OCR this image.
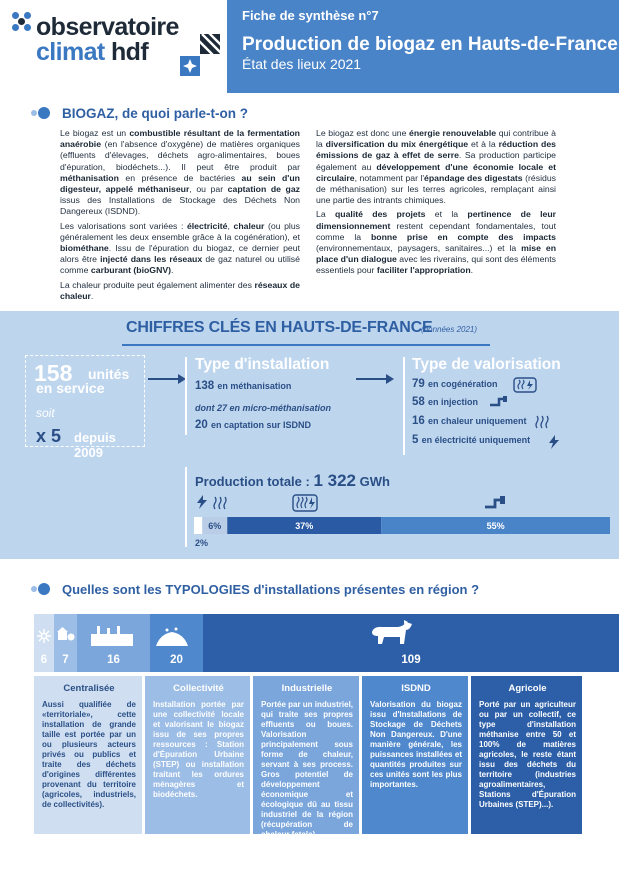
observatoire
climat hdf
Fiche de synthèse n°7
Production de biogaz en Hauts-de-France
État des lieux 2021
BIOGAZ, de quoi parle-t-on ?

Le biogaz est un combustible résultant de la fermentation anaérobie (en l'absence d'oxygène) de matières organiques (effluents d'élevages, déchets agro-alimentaires, boues d'épuration, biodéchets...). Il peut être produit par méthanisation en présence de bactéries au sein d'un digesteur, appelé méthaniseur, ou par captation de gaz issus des Installations de Stockage des Déchets Non Dangereux (ISDND).

Les valorisations sont variées : électricité, chaleur (ou plus généralement les deux ensemble grâce à la cogénération), et biométhane. Issu de l'épuration du biogaz, ce dernier peut alors être injecté dans les réseaux de gaz naturel ou utilisé comme carburant (bioGNV).

La chaleur produite peut également alimenter des réseaux de chaleur.

Le biogaz est donc une énergie renouvelable qui contribue à la diversification du mix énergétique et à la réduction des émissions de gaz à effet de serre. Sa production participe également au développement d'une économie locale et circulaire, notamment par l'épandage des digestats (résidus de méthanisation) sur les terres agricoles, remplaçant ainsi une partie des intrants chimiques.

La qualité des projets et la pertinence de leur dimensionnement restent cependant fondamentales, tout comme la bonne prise en compte des impacts (environnementaux, paysagers, sanitaires...) et la mise en place d'un dialogue avec les riverains, qui sont des éléments essentiels pour faciliter l'appropriation.

CHIFFRES CLÉS EN HAUTS-DE-FRANCE
(données 2021)
158 unités
en service
soit
x 5 depuis 2009
Type d'installation
138 en méthanisation
dont 27 en micro-méthanisation
20 en captation sur ISDND
Type de valorisation
79 en cogénération
58 en injection
16 en chaleur uniquement
5 en électricité uniquement
Production totale : 1 322 GWh
2%
6%	37%	55%
Quelles sont les TYPOLOGIES d'installations présentes en région ?
6	7	16	20	109
Centralisée
Aussi qualifiée de «territoriale», cette installation de grande taille est portée par un ou plusieurs acteurs privés ou publics et traite des déchets d'origines différentes provenant du territoire (agricoles, industriels, de collectivités).
Collectivité
Installation portée par une collectivité locale et valorisant le biogaz issu de ses propres ressources : Station d'Épuration Urbaine (STEP) ou installation traitant les ordures ménagères et biodéchets.
Industrielle
Portée par un industriel, qui traite ses propres effluents ou boues. Valorisation principalement sous forme de chaleur, servant à ses process. Gros potentiel de développement économique et écologique dû au tissu industriel de la région (récupération de chaleur fatale).
ISDND
Valorisation du biogaz issu d'Installations de Stockage de Déchets Non Dangereux. D'une manière générale, les puissances installées et quantités produites sur ces unités sont les plus importantes.
Agricole
Porté par un agriculteur ou par un collectif, ce type d'installation méthanise entre 50 et 100% de matières agricoles, le reste étant issu des déchets du territoire (industries agroalimentaires, Stations d'Épuration Urbaines (STEP)...).
